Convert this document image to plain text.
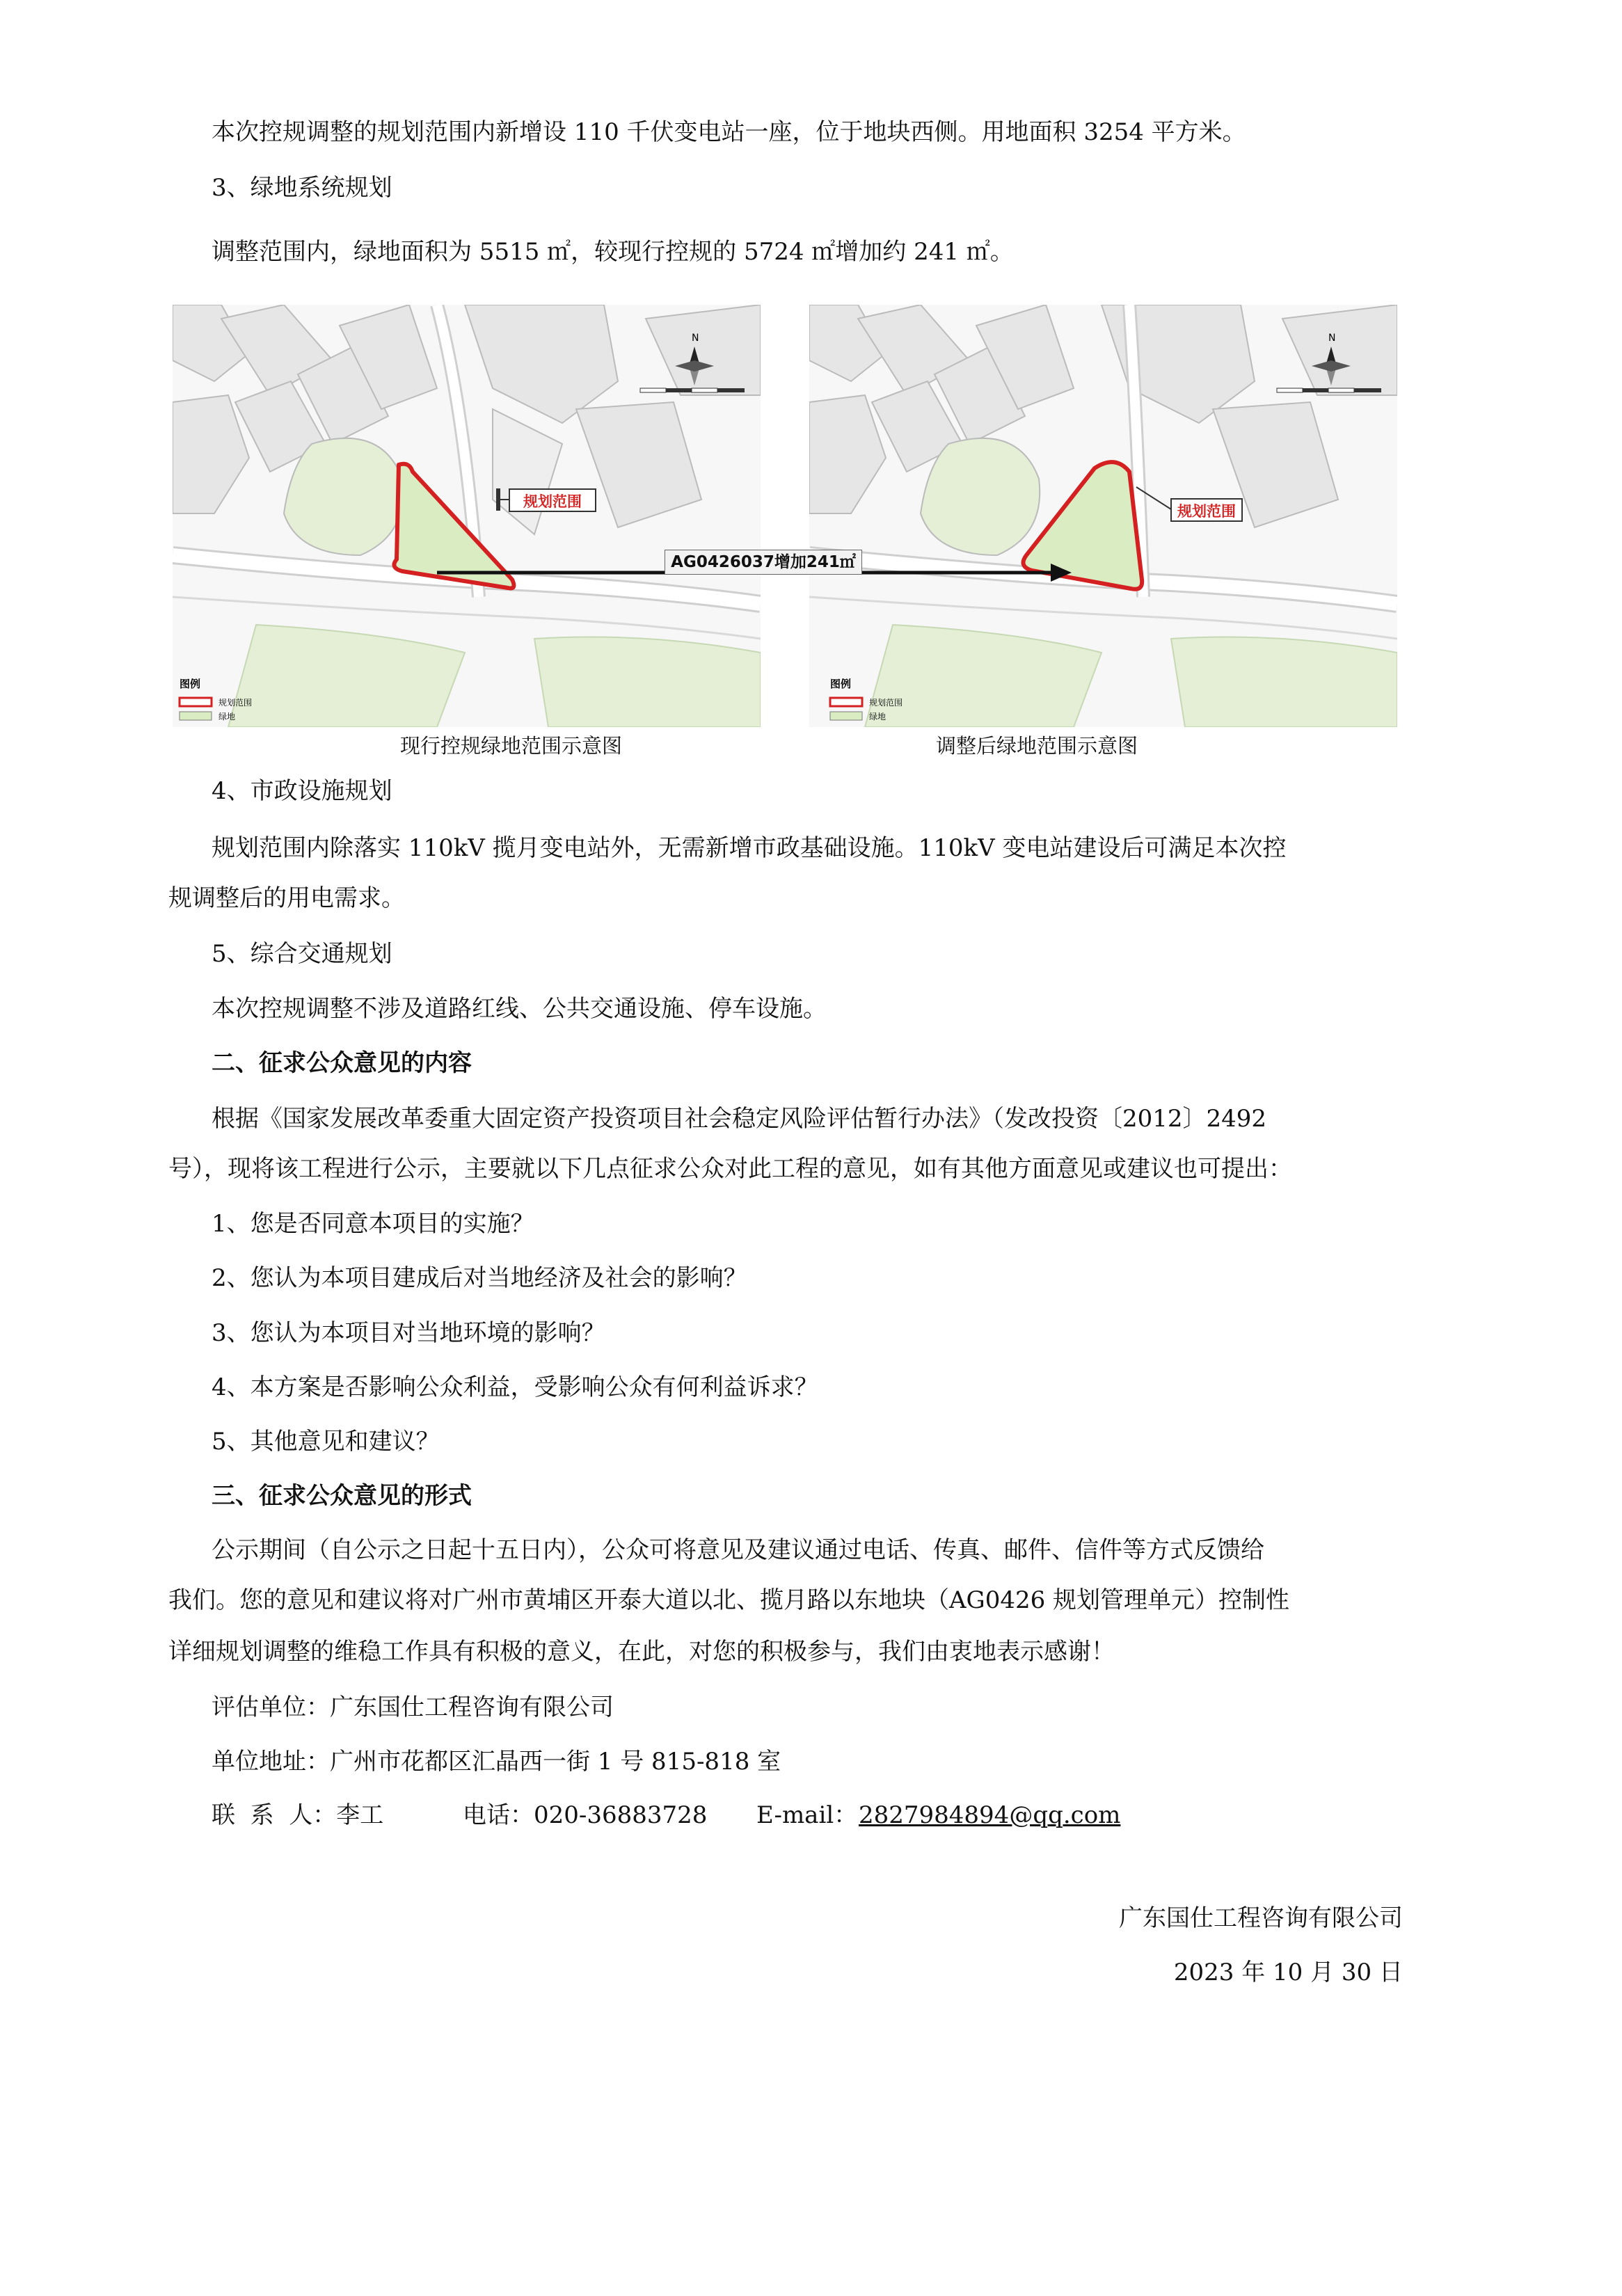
本次控规调整的规划范围内新增设 110 千伏变电站一座，位于地块西侧。用地面积 3254 平方米。
3、绿地系统规划
调整范围内，绿地面积为 5515 ㎡，较现行控规的 5724 ㎡增加约 241 ㎡。
N
图例
规划范围
绿地
N
图例
规划范围
绿地
规划范围
规划范围
AG0426037增加241㎡
现行控规绿地范围示意图	调整后绿地范围示意图
4、市政设施规划
规划范围内除落实 110kV 揽月变电站外，无需新增市政基础设施。110kV 变电站建设后可满足本次控
规调整后的用电需求。
5、综合交通规划
本次控规调整不涉及道路红线、公共交通设施、停车设施。
二、征求公众意见的内容
根据《国家发展改革委重大固定资产投资项目社会稳定风险评估暂行办法》（发改投资〔2012〕2492
号），现将该工程进行公示，主要就以下几点征求公众对此工程的意见，如有其他方面意见或建议也可提出：
1、您是否同意本项目的实施？
2、您认为本项目建成后对当地经济及社会的影响？
3、您认为本项目对当地环境的影响？
4、本方案是否影响公众利益，受影响公众有何利益诉求？
5、其他意见和建议？
三、征求公众意见的形式
公示期间（自公示之日起十五日内），公众可将意见及建议通过电话、传真、邮件、信件等方式反馈给
我们。您的意见和建议将对广州市黄埔区开泰大道以北、揽月路以东地块（AG0426 规划管理单元）控制性
详细规划调整的维稳工作具有积极的意义，在此，对您的积极参与，我们由衷地表示感谢！
评估单位：广东国仕工程咨询有限公司
单位地址：广州市花都区汇晶西一街 1 号 815-818 室
联  系  人：李工	电话：020-36883728 E-mail： 2827984894@qq.com
广东国仕工程咨询有限公司
2023 年 10 月 30 日
